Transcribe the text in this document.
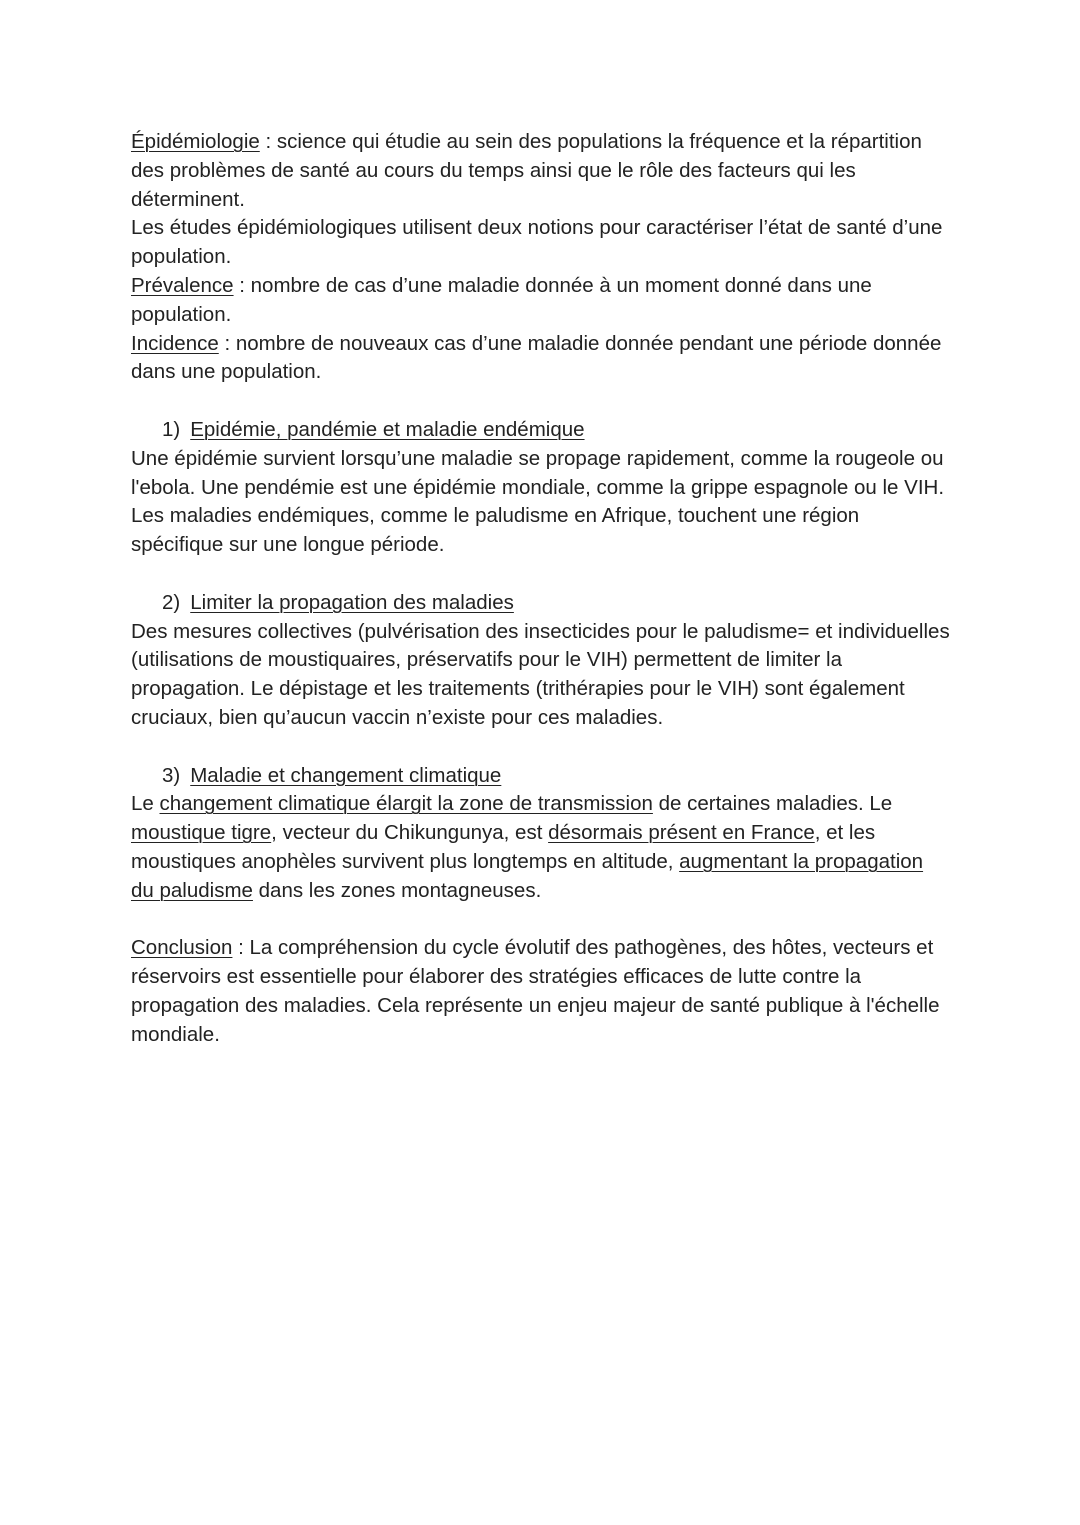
Épidémiologie : science qui étudie au sein des populations la fréquence et la répartition des problèmes de santé au cours du temps ainsi que le rôle des facteurs qui les déterminent.

Les études épidémiologiques utilisent deux notions pour caractériser l’état de santé d’une population.

Prévalence : nombre de cas d’une maladie donnée à un moment donné dans une population.

Incidence : nombre de nouveaux cas d’une maladie donnée pendant une période donnée dans une population.

1) Epidémie, pandémie et maladie endémique

Une épidémie survient lorsqu’une maladie se propage rapidement, comme la rougeole ou l'ebola. Une pendémie est une épidémie mondiale, comme la grippe espagnole ou le VIH. Les maladies endémiques, comme le paludisme en Afrique, touchent une région spécifique sur une longue période.

2) Limiter la propagation des maladies

Des mesures collectives (pulvérisation des insecticides pour le paludisme= et individuelles (utilisations de moustiquaires, préservatifs pour le VIH) permettent de limiter la propagation. Le dépistage et les traitements (trithérapies pour le VIH) sont également cruciaux, bien qu’aucun vaccin n’existe pour ces maladies.

3) Maladie et changement climatique

Le changement climatique élargit la zone de transmission de certaines maladies. Le moustique tigre, vecteur du Chikungunya, est désormais présent en France, et les moustiques anophèles survivent plus longtemps en altitude, augmentant la propagation du paludisme dans les zones montagneuses.

Conclusion : La compréhension du cycle évolutif des pathogènes, des hôtes, vecteurs et réservoirs est essentielle pour élaborer des stratégies efficaces de lutte contre la propagation des maladies. Cela représente un enjeu majeur de santé publique à l'échelle mondiale.
